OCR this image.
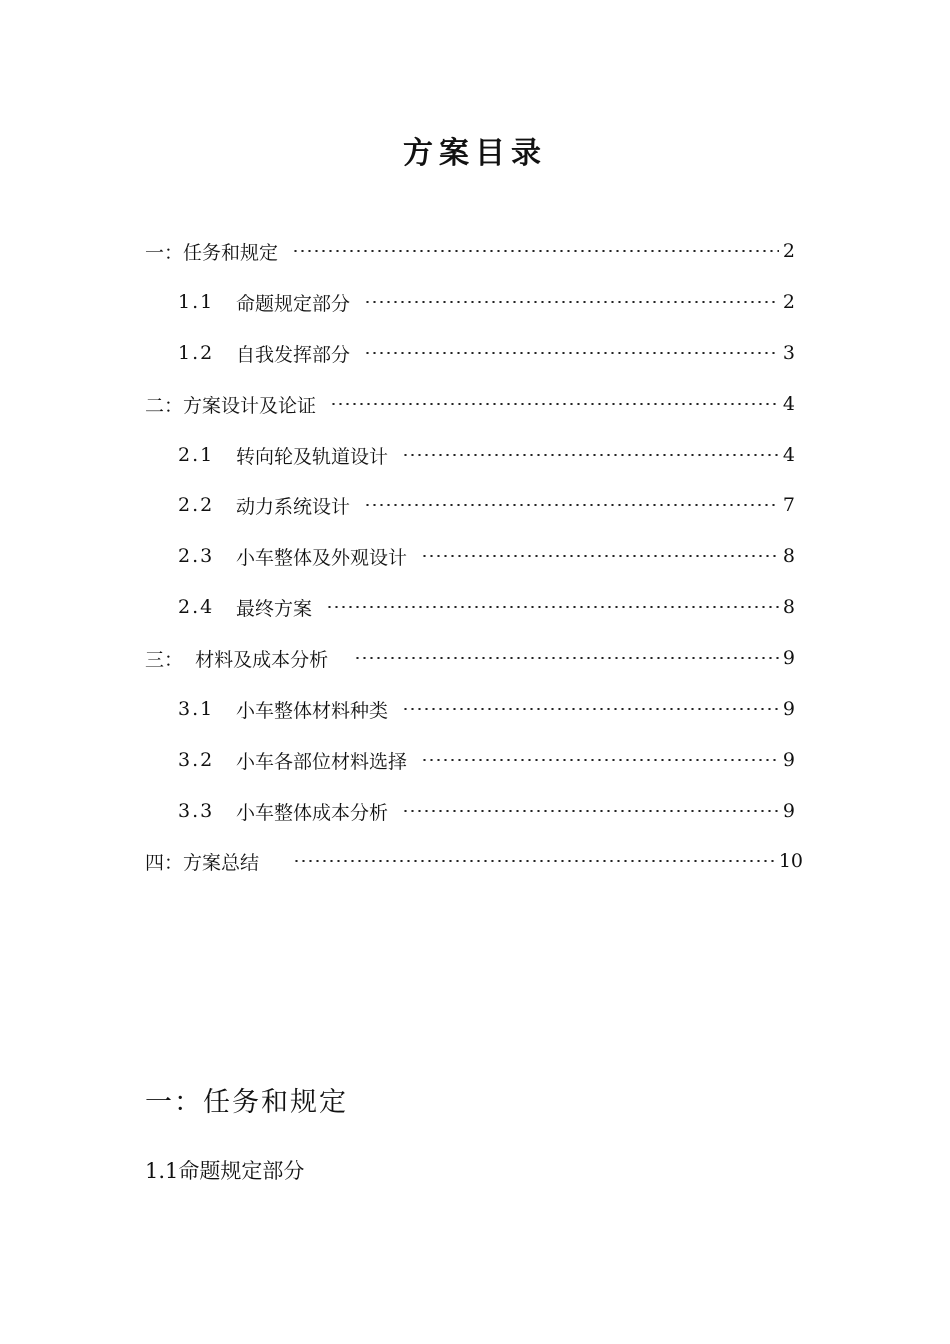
方案目录
一：任务和规定	2
1.1	命题规定部分	2
1.2	自我发挥部分	3
二：方案设计及论证	4
2.1	转向轮及轨道设计	4
2.2	动力系统设计	7
2.3	小车整体及外观设计	8
2.4	最终方案	8
三：  材料及成本分析	9
3.1	小车整体材料种类	9
3.2	小车各部位材料选择	9
3.3	小车整体成本分析	9
四：方案总结	10
一：任务和规定
1.1命题规定部分
